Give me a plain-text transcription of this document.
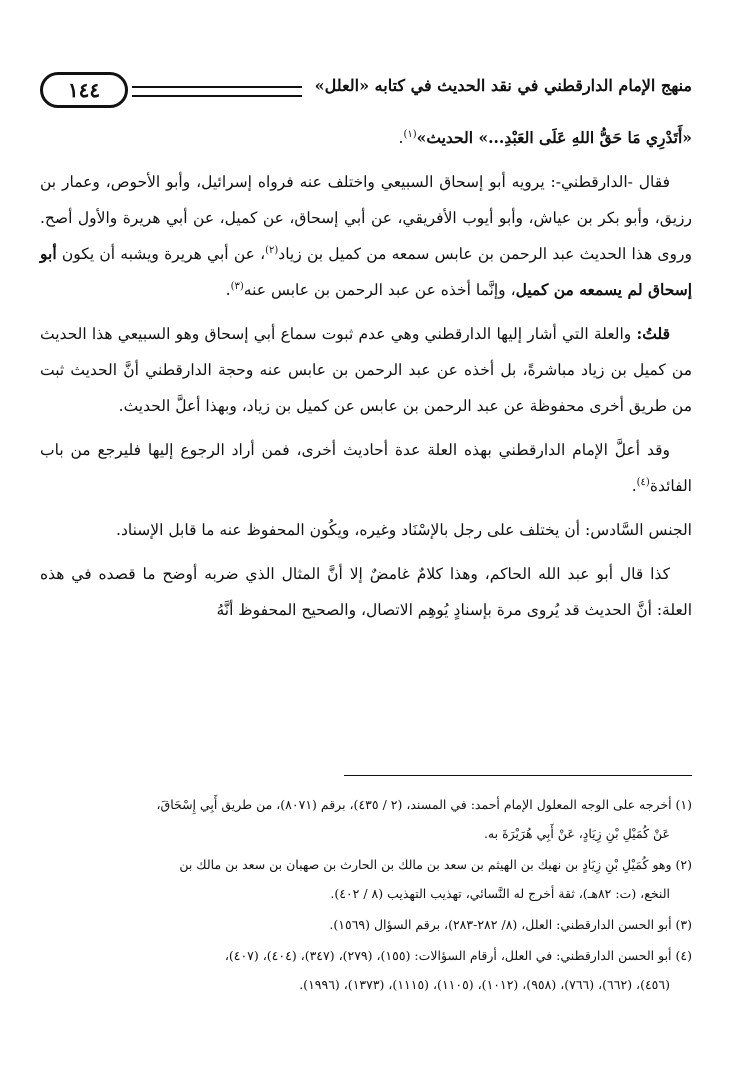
١٤٤	منهج الإمام الدارقطني في نقد الحديث في كتابه «العلل»

«أَتَدْرِي مَا حَقُّ اللهِ عَلَى العَبْدِ...» الحديث»$^{(١)}$.

فقال -الدارقطني-: يرويه أبو إسحاق السبيعي واختلف عنه فرواه إسرائيل، وأبو الأحوص، وعمار بن رزيق، وأبو بكر بن عياش، وأبو أيوب الأفريقي، عن أبي إسحاق، عن كميل، عن أبي هريرة والأول أصح. وروى هذا الحديث عبد الرحمن بن عابس سمعه من كميل بن زياد$^{(٢)}$، عن أبي هريرة ويشبه أن يكون أبو إسحاق لم يسمعه من كميل، وإنَّما أخذه عن عبد الرحمن بن عابس عنه$^{(٣)}$.

قلتُ: والعلة التي أشار إليها الدارقطني وهي عدم ثبوت سماع أبي إسحاق وهو السبيعي هذا الحديث من كميل بن زياد مباشرةً، بل أخذه عن عبد الرحمن بن عابس عنه وحجة الدارقطني أنَّ الحديث ثبت من طريق أخرى محفوظة عن عبد الرحمن بن عابس عن كميل بن زياد، وبهذا أعلَّ الحديث.

وقد أعلَّ الإمام الدارقطني بهذه العلة عدة أحاديث أخرى، فمن أراد الرجوع إليها فليرجع من باب الفائدة$^{(٤)}$.

الجنس السَّادس: أن يختلف على رجل بالإسْنَاد وغيره، ويكُون المحفوظ عنه ما قابل الإسناد.

كذا قال أبو عبد الله الحاكم، وهذا كلامٌ غامضٌ إلا أنَّ المثال الذي ضربه أوضح ما قصده في هذه العلة: أنَّ الحديث قد يُروى مرة بإسنادٍ يُوهِم الاتصال، والصحيح المحفوظ أنَّهُ

(١) أخرجه على الوجه المعلول الإمام أحمد: في المسند، (٢ / ٤٣٥)، برقم (٨٠٧١)، من طريق أَبِي إِسْحَاقَ،
عَنْ كُمَيْلِ بْنِ زِيَادٍ، عَنْ أَبِي هُرَيْرَةَ به.
(٢) وهو كُمَيْلِ بْنِ زِيَادٍ بن نهيك بن الهيثم بن سعد بن مالك بن الحارث بن صهبان بن سعد بن مالك بن
النخع، (ت: ٨٢هـ)، ثقة أخرج له النَّسائي، تهذيب التهذيب (٨ / ٤٠٢).
(٣) أبو الحسن الدارقطني: العلل، (٨/ ٢٨٢-٢٨٣)، برقم السؤال (١٥٦٩).
(٤) أبو الحسن الدارقطني: في العلل، أرقام السؤالات: (١٥٥)، (٢٧٩)، (٣٤٧)، (٤٠٤)، (٤٠٧)،
(٤٥٦)، (٦٦٢)، (٧٦٦)، (٩٥٨)، (١٠١٢)، (١١٠٥)، (١١١٥)، (١٣٧٣)، (١٩٩٦).
